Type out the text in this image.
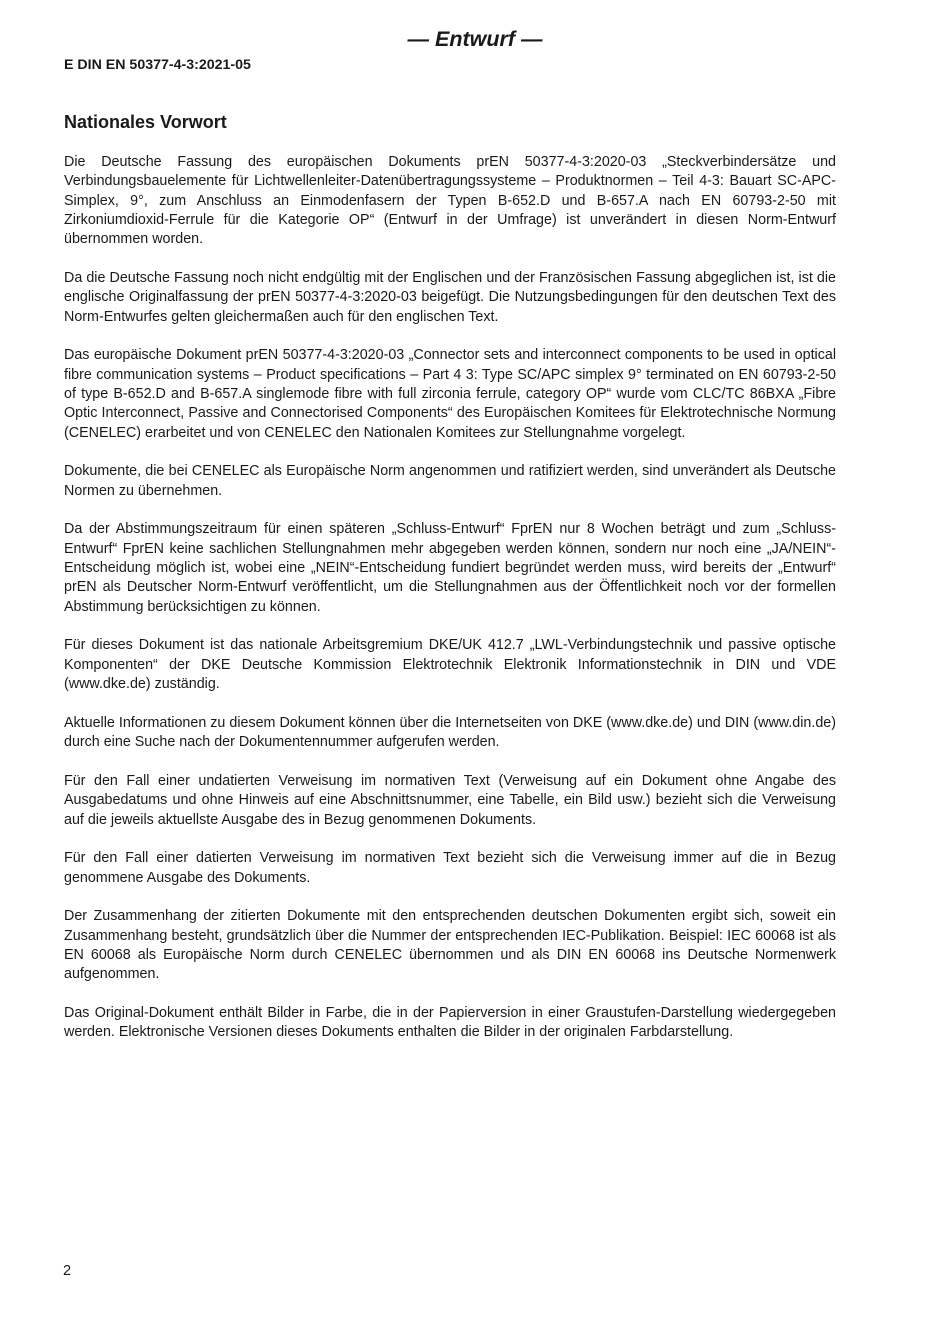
— Entwurf —
E DIN EN 50377-4-3:2021-05
Nationales Vorwort

Die Deutsche Fassung des europäischen Dokuments prEN 50377-4-3:2020-03 „Steckverbindersätze und Verbindungsbauelemente für Lichtwellenleiter-Datenübertragungssysteme – Produktnormen – Teil 4-3: Bauart SC-APC-Simplex, 9°, zum Anschluss an Einmodenfasern der Typen B-652.D und B-657.A nach EN 60793-2-50 mit Zirkoniumdioxid-Ferrule für die Kategorie OP“ (Entwurf in der Umfrage) ist unverändert in diesen Norm-Entwurf übernommen worden.

Da die Deutsche Fassung noch nicht endgültig mit der Englischen und der Französischen Fassung abgeglichen ist, ist die englische Originalfassung der prEN 50377-4-3:2020-03 beigefügt. Die Nutzungsbedingungen für den deutschen Text des Norm-Entwurfes gelten gleichermaßen auch für den englischen Text.

Das europäische Dokument prEN 50377-4-3:2020-03 „Connector sets and interconnect components to be used in optical fibre communication systems – Product specifications – Part 4 3: Type SC/APC simplex 9° terminated on EN 60793-2-50 of type B-652.D and B-657.A singlemode fibre with full zirconia ferrule, category OP“ wurde vom CLC/TC 86BXA „Fibre Optic Interconnect, Passive and Connectorised Components“ des Europäischen Komitees für Elektrotechnische Normung (CENELEC) erarbeitet und von CENELEC den Nationalen Komitees zur Stellungnahme vorgelegt.

Dokumente, die bei CENELEC als Europäische Norm angenommen und ratifiziert werden, sind unverändert als Deutsche Normen zu übernehmen.

Da der Abstimmungszeitraum für einen späteren „Schluss-Entwurf“ FprEN nur 8 Wochen beträgt und zum „Schluss-Entwurf“ FprEN keine sachlichen Stellungnahmen mehr abgegeben werden können, sondern nur noch eine „JA/NEIN“-Entscheidung möglich ist, wobei eine „NEIN“-Entscheidung fundiert begründet werden muss, wird bereits der „Entwurf“ prEN als Deutscher Norm-Entwurf veröffentlicht, um die Stellungnahmen aus der Öffentlichkeit noch vor der formellen Abstimmung berücksichtigen zu können.

Für dieses Dokument ist das nationale Arbeitsgremium DKE/UK 412.7 „LWL-Verbindungstechnik und passive optische Komponenten“ der DKE Deutsche Kommission Elektrotechnik Elektronik Informationstechnik in DIN und VDE (www.dke.de) zuständig.

Aktuelle Informationen zu diesem Dokument können über die Internetseiten von DKE (www.dke.de) und DIN (www.din.de) durch eine Suche nach der Dokumentennummer aufgerufen werden.

Für den Fall einer undatierten Verweisung im normativen Text (Verweisung auf ein Dokument ohne Angabe des Ausgabedatums und ohne Hinweis auf eine Abschnittsnummer, eine Tabelle, ein Bild usw.) bezieht sich die Verweisung auf die jeweils aktuellste Ausgabe des in Bezug genommenen Dokuments.

Für den Fall einer datierten Verweisung im normativen Text bezieht sich die Verweisung immer auf die in Bezug genommene Ausgabe des Dokuments.

Der Zusammenhang der zitierten Dokumente mit den entsprechenden deutschen Dokumenten ergibt sich, soweit ein Zusammenhang besteht, grundsätzlich über die Nummer der entsprechenden IEC-Publikation. Beispiel: IEC 60068 ist als EN 60068 als Europäische Norm durch CENELEC übernommen und als DIN EN 60068 ins Deutsche Normenwerk aufgenommen.

Das Original-Dokument enthält Bilder in Farbe, die in der Papierversion in einer Graustufen-Darstellung wiedergegeben werden. Elektronische Versionen dieses Dokuments enthalten die Bilder in der originalen Farbdarstellung.

2
